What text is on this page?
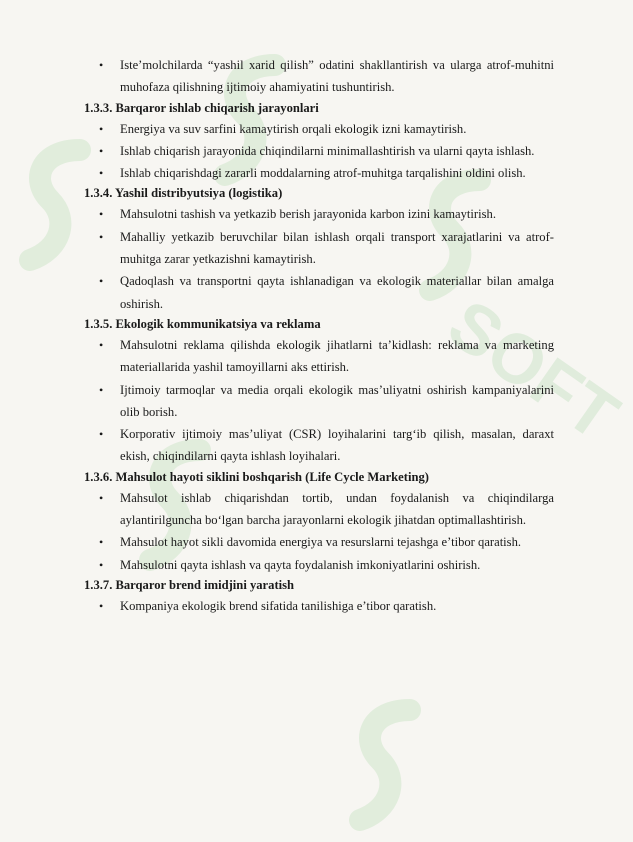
SOFT
• Iste’molchilarda “yashil xarid qilish” odatini shakllantirish va ularga atrof-muhitni muhofaza qilishning ijtimoiy ahamiyatini tushuntirish.

1.3.3. Barqaror ishlab chiqarish jarayonlari

• Energiya va suv sarfini kamaytirish orqali ekologik izni kamaytirish.
• Ishlab chiqarish jarayonida chiqindilarni minimallashtirish va ularni qayta ishlash.
• Ishlab chiqarishdagi zararli moddalarning atrof-muhitga tarqalishini oldini olish.

1.3.4. Yashil distribyutsiya (logistika)

• Mahsulotni tashish va yetkazib berish jarayonida karbon izini kamaytirish.
• Mahalliy yetkazib beruvchilar bilan ishlash orqali transport xarajatlarini va atrof-muhitga zarar yetkazishni kamaytirish.
• Qadoqlash va transportni qayta ishlanadigan va ekologik materiallar bilan amalga oshirish.

1.3.5. Ekologik kommunikatsiya va reklama

• Mahsulotni reklama qilishda ekologik jihatlarni ta’kidlash: reklama va marketing materiallarida yashil tamoyillarni aks ettirish.
• Ijtimoiy tarmoqlar va media orqali ekologik mas’uliyatni oshirish kampaniyalarini olib borish.
• Korporativ ijtimoiy mas’uliyat (CSR) loyihalarini targ‘ib qilish, masalan, daraxt ekish, chiqindilarni qayta ishlash loyihalari.

1.3.6. Mahsulot hayoti siklini boshqarish (Life Cycle Marketing)

• Mahsulot ishlab chiqarishdan tortib, undan foydalanish va chiqindilarga aylantirilguncha bo‘lgan barcha jarayonlarni ekologik jihatdan optimallashtirish.
• Mahsulot hayot sikli davomida energiya va resurslarni tejashga e’tibor qaratish.
• Mahsulotni qayta ishlash va qayta foydalanish imkoniyatlarini oshirish.

1.3.7. Barqaror brend imidjini yaratish

• Kompaniya ekologik brend sifatida tanilishiga e’tibor qaratish.
